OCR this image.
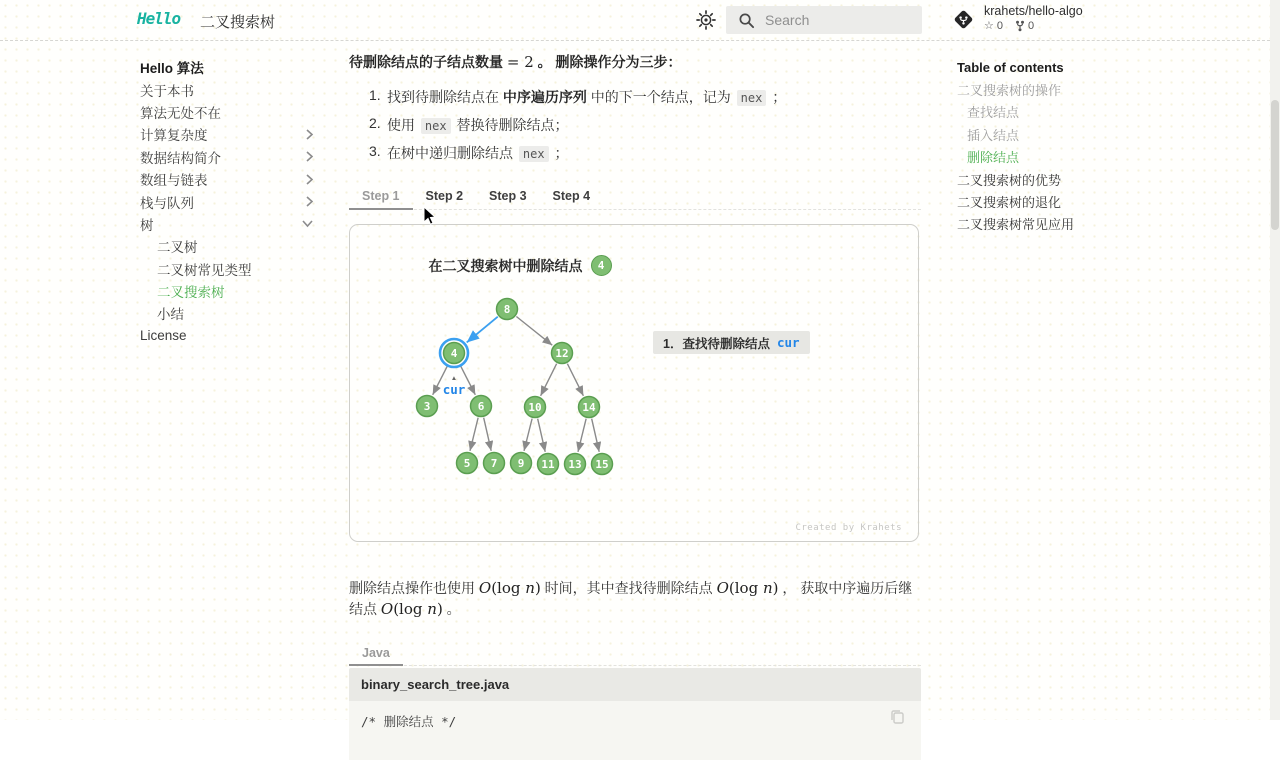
Hello 二叉搜索树
Search
krahets/hello-algo
☆ 0 0
Hello 算法
关于本书
算法无处不在
计算复杂度
数据结构简介
数组与链表
栈与队列
树
二叉树
二叉树常见类型
二叉搜索树
小结
License
Table of contents
二叉搜索树的操作
查找结点
插入结点
删除结点
二叉搜索树的优势
二叉搜索树的退化
二叉搜索树常见应用

待删除结点的子结点数量 = 2 。 删除操作分为三步：

1. 找到待删除结点在 中序遍历序列 中的下一个结点，记为 nex ；
2. 使用 nex 替换待删除结点；
3. 在树中递归删除结点 nex ；
Step 1	Step 2	Step 3	Step 4
在二叉搜索树中删除结点	4
8
4	12
3	6	10	14
5 7 9 11 13 15
▲
cur
1．查找待删除结点 cur
Created by Krahets

删除结点操作也使用 O(log n) 时间，其中查找待删除结点 O(log n) ， 获取中序遍历后继结点 O(log n) 。

Java
binary_search_tree.java
/* 删除结点 */
